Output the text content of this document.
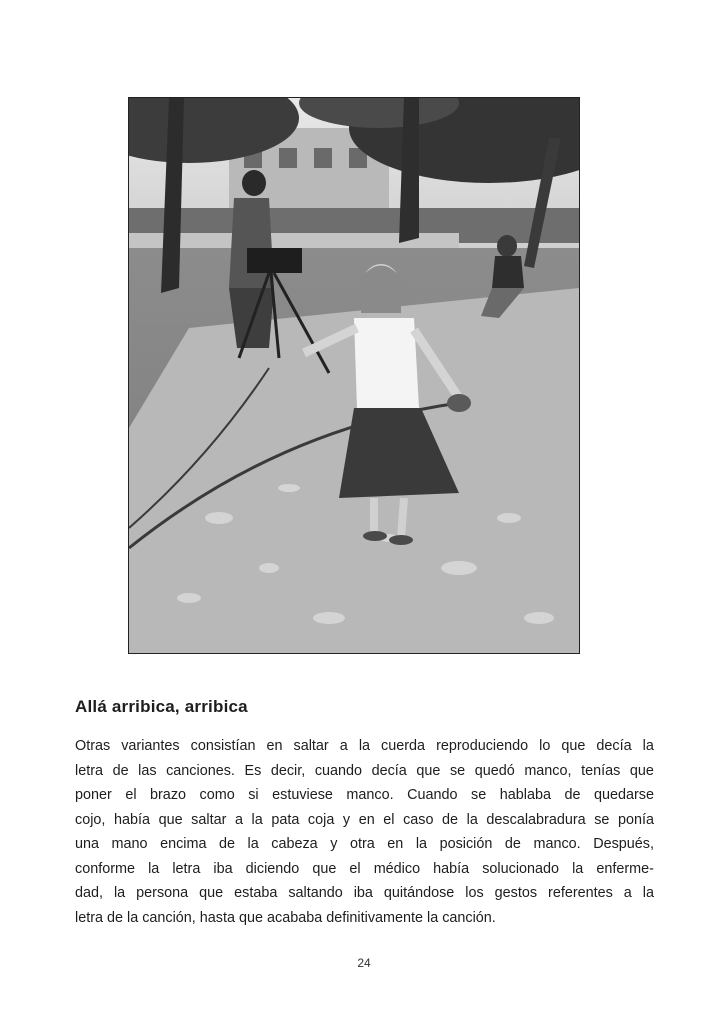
Allá arribica, arribica
Otras variantes consistían en saltar a la cuerda reproduciendo lo que decía la
letra de las canciones. Es decir, cuando decía que se quedó manco, tenías que
poner el brazo como si estuviese manco. Cuando se hablaba de quedarse
cojo, había que saltar a la pata coja y en el caso de la descalabradura se ponía
una mano encima de la cabeza y otra en la posición de manco. Después,
conforme la letra iba diciendo que el médico había solucionado la enferme-
dad, la persona que estaba saltando iba quitándose los gestos referentes a la
letra de la canción, hasta que acababa definitivamente la canción.
24
